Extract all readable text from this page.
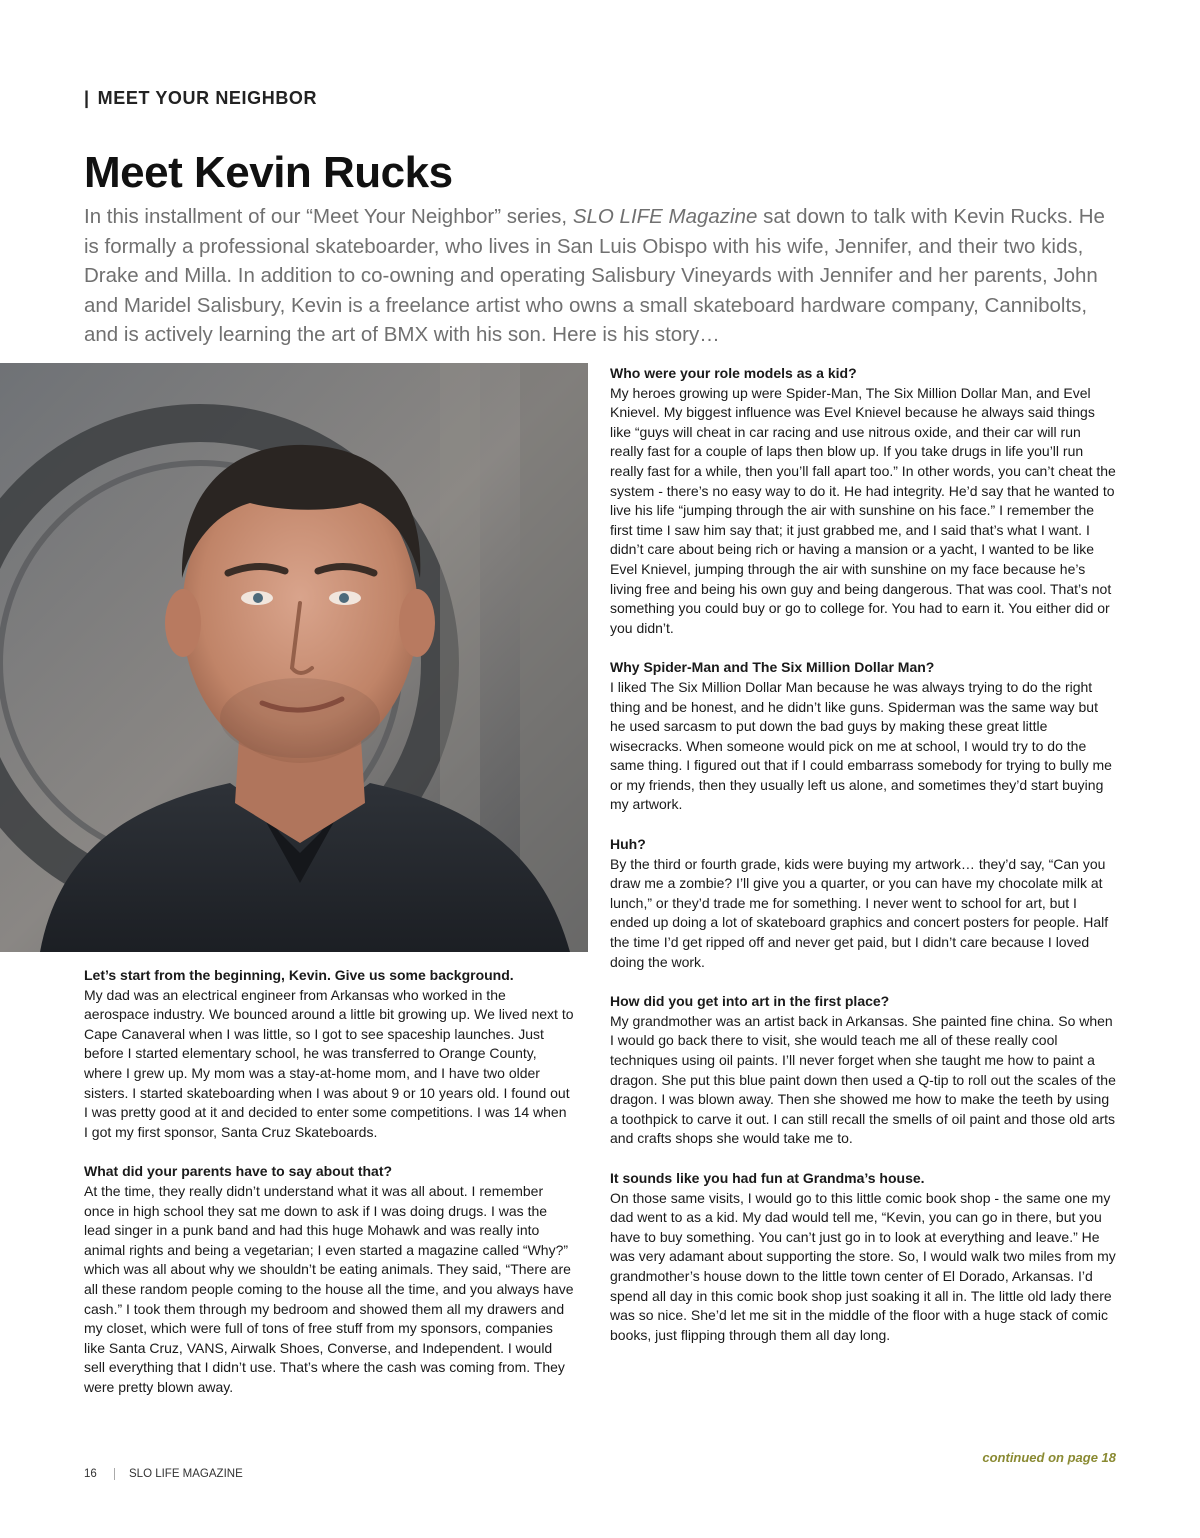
| MEET YOUR NEIGHBOR
Meet Kevin Rucks

In this installment of our “Meet Your Neighbor” series, SLO LIFE Magazine sat down to talk with Kevin Rucks. He is formally a professional skateboarder, who lives in San Luis Obispo with his wife, Jennifer, and their two kids, Drake and Milla. In addition to co-owning and operating Salisbury Vineyards with Jennifer and her parents, John and Maridel Salisbury, Kevin is a freelance artist who owns a small skateboard hardware company, Cannibolts, and is actively learning the art of BMX with his son. Here is his story…

Let’s start from the beginning, Kevin. Give us some background.
My dad was an electrical engineer from Arkansas who worked in the aerospace industry. We bounced around a little bit growing up. We lived next to Cape Canaveral when I was little, so I got to see spaceship launches. Just before I started elementary school, he was transferred to Orange County, where I grew up. My mom was a stay-at-home mom, and I have two older sisters. I started skateboarding when I was about 9 or 10 years old. I found out I was pretty good at it and decided to enter some competitions. I was 14 when I got my first sponsor, Santa Cruz Skateboards.
What did your parents have to say about that?
At the time, they really didn’t understand what it was all about. I remember once in high school they sat me down to ask if I was doing drugs. I was the lead singer in a punk band and had this huge Mohawk and was really into animal rights and being a vegetarian; I even started a magazine called “Why?” which was all about why we shouldn’t be eating animals. They said, “There are all these random people coming to the house all the time, and you always have cash.” I took them through my bedroom and showed them all my drawers and my closet, which were full of tons of free stuff from my sponsors, companies like Santa Cruz, VANS, Airwalk Shoes, Converse, and Independent. I would sell everything that I didn’t use. That’s where the cash was coming from. They were pretty blown away.
Who were your role models as a kid?
My heroes growing up were Spider-Man, The Six Million Dollar Man, and Evel Knievel. My biggest influence was Evel Knievel because he always said things like “guys will cheat in car racing and use nitrous oxide, and their car will run really fast for a couple of laps then blow up. If you take drugs in life you’ll run really fast for a while, then you’ll fall apart too.” In other words, you can’t cheat the system - there’s no easy way to do it. He had integrity. He’d say that he wanted to live his life “jumping through the air with sunshine on his face.” I remember the first time I saw him say that; it just grabbed me, and I said that’s what I want. I didn’t care about being rich or having a mansion or a yacht, I wanted to be like Evel Knievel, jumping through the air with sunshine on my face because he’s living free and being his own guy and being dangerous. That was cool. That’s not something you could buy or go to college for. You had to earn it. You either did or you didn’t.
Why Spider-Man and The Six Million Dollar Man?
I liked The Six Million Dollar Man because he was always trying to do the right thing and be honest, and he didn’t like guns. Spiderman was the same way but he used sarcasm to put down the bad guys by making these great little wisecracks. When someone would pick on me at school, I would try to do the same thing. I figured out that if I could embarrass somebody for trying to bully me or my friends, then they usually left us alone, and sometimes they’d start buying my artwork.
Huh?
By the third or fourth grade, kids were buying my artwork… they’d say, “Can you draw me a zombie? I’ll give you a quarter, or you can have my chocolate milk at lunch,” or they’d trade me for something. I never went to school for art, but I ended up doing a lot of skateboard graphics and concert posters for people. Half the time I’d get ripped off and never get paid, but I didn’t care because I loved doing the work.
How did you get into art in the first place?
My grandmother was an artist back in Arkansas. She painted fine china. So when I would go back there to visit, she would teach me all of these really cool techniques using oil paints. I’ll never forget when she taught me how to paint a dragon. She put this blue paint down then used a Q-tip to roll out the scales of the dragon. I was blown away. Then she showed me how to make the teeth by using a toothpick to carve it out. I can still recall the smells of oil paint and those old arts and crafts shops she would take me to.
It sounds like you had fun at Grandma’s house.
On those same visits, I would go to this little comic book shop - the same one my dad went to as a kid. My dad would tell me, “Kevin, you can go in there, but you have to buy something. You can’t just go in to look at everything and leave.” He was very adamant about supporting the store. So, I would walk two miles from my grandmother’s house down to the little town center of El Dorado, Arkansas. I’d spend all day in this comic book shop just soaking it all in. The little old lady there was so nice. She’d let me sit in the middle of the floor with a huge stack of comic books, just flipping through them all day long.
continued on page 18
16	SLO LIFE MAGAZINE
